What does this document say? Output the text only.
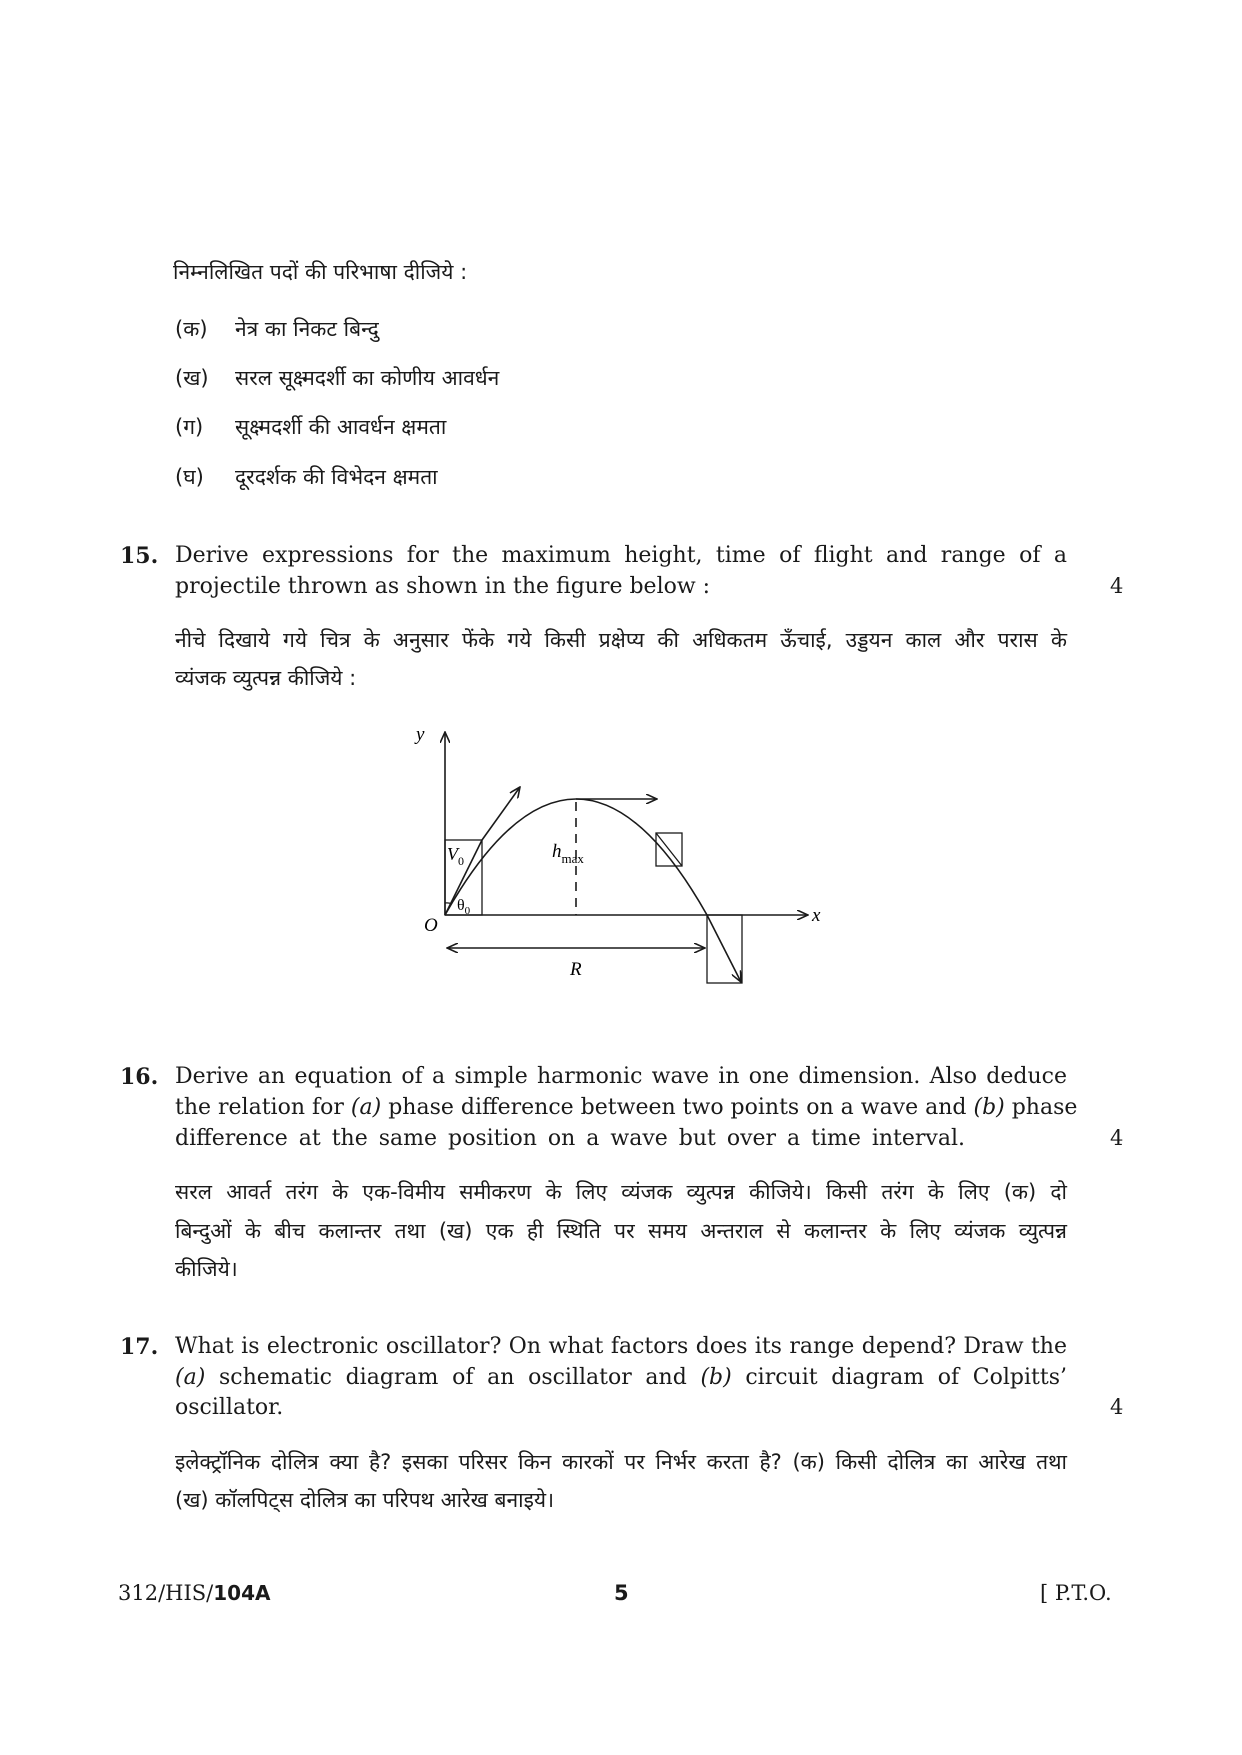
निम्नलिखित पदों की परिभाषा दीजिये :
(क) नेत्र का निकट बिन्दु
(ख) सरल सूक्ष्मदर्शी का कोणीय आवर्धन
(ग) सूक्ष्मदर्शी की आवर्धन क्षमता
(घ) दूरदर्शक की विभेदन क्षमता
15. Derive expressions for the maximum height, time of flight and range of a
projectile thrown as shown in the figure below :	4
नीचे दिखाये गये चित्र के अनुसार फेंके गये किसी प्रक्षेप्य की अधिकतम ऊँचाई, उड्डयन काल और परास के
व्यंजक व्युत्पन्न कीजिये :
y
x
O
$V_0$
$\theta_0$
$h_{max}$
R
16. Derive an equation of a simple harmonic wave in one dimension. Also deduce
the relation for (a) phase difference between two points on a wave and (b) phase
difference at the same position on a wave but over a time interval.	4
सरल आवर्त तरंग के एक-विमीय समीकरण के लिए व्यंजक व्युत्पन्न कीजिये। किसी तरंग के लिए (क) दो
बिन्दुओं के बीच कलान्तर तथा (ख) एक ही स्थिति पर समय अन्तराल से कलान्तर के लिए व्यंजक व्युत्पन्न
कीजिये।
17. What is electronic oscillator? On what factors does its range depend? Draw the
(a) schematic diagram of an oscillator and (b) circuit diagram of Colpitts’
oscillator.	4
इलेक्ट्रॉनिक दोलित्र क्या है? इसका परिसर किन कारकों पर निर्भर करता है? (क) किसी दोलित्र का आरेख तथा
(ख) कॉलपिट्स दोलित्र का परिपथ आरेख बनाइये।
312/HIS/104A	5	[ P.T.O.
